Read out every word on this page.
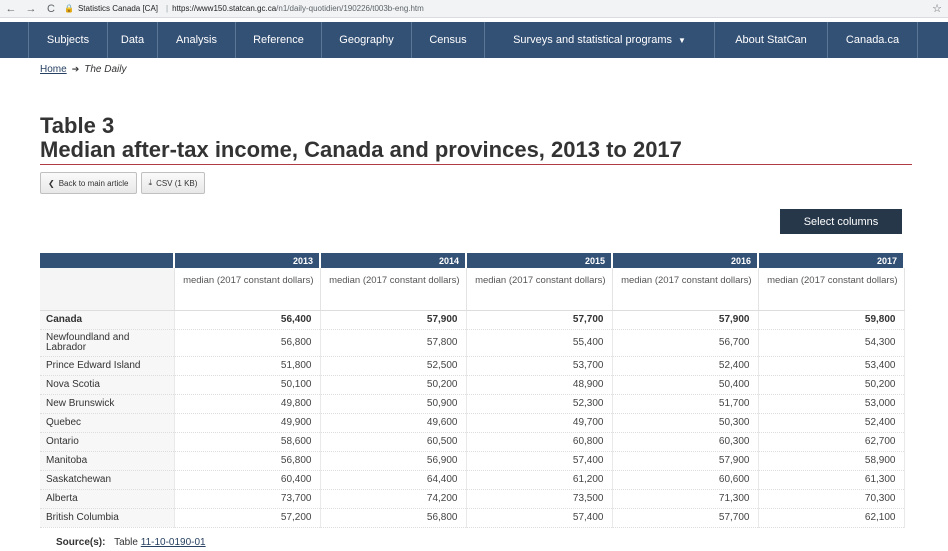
← → C	🔒 Statistics Canada [CA] | https://www150.statcan.gc.ca /n1/daily-quotidien/190226/t003b-eng.htm	☆
Subjects	Data	Analysis	Reference	Geography	Census	Surveys and statistical programs ▼	About StatCan	Canada.ca
Home ➔ The Daily
Table 3
Median after-tax income, Canada and provinces, 2013 to 2017
❮ Back to main article	⤓ CSV (1 KB)
Select columns
	2013	2014	2015	2016	2017
	median (2017 constant dollars)	median (2017 constant dollars)	median (2017 constant dollars)	median (2017 constant dollars)	median (2017 constant dollars)
Canada	56,400	57,900	57,700	57,900	59,800
Newfoundland and Labrador	56,800	57,800	55,400	56,700	54,300
Prince Edward Island	51,800	52,500	53,700	52,400	53,400
Nova Scotia	50,100	50,200	48,900	50,400	50,200
New Brunswick	49,800	50,900	52,300	51,700	53,000
Quebec	49,900	49,600	49,700	50,300	52,400
Ontario	58,600	60,500	60,800	60,300	62,700
Manitoba	56,800	56,900	57,400	57,900	58,900
Saskatchewan	60,400	64,400	61,200	60,600	61,300
Alberta	73,700	74,200	73,500	71,300	70,300
British Columbia	57,200	56,800	57,400	57,700	62,100
Source(s): Table 11-10-0190-01
